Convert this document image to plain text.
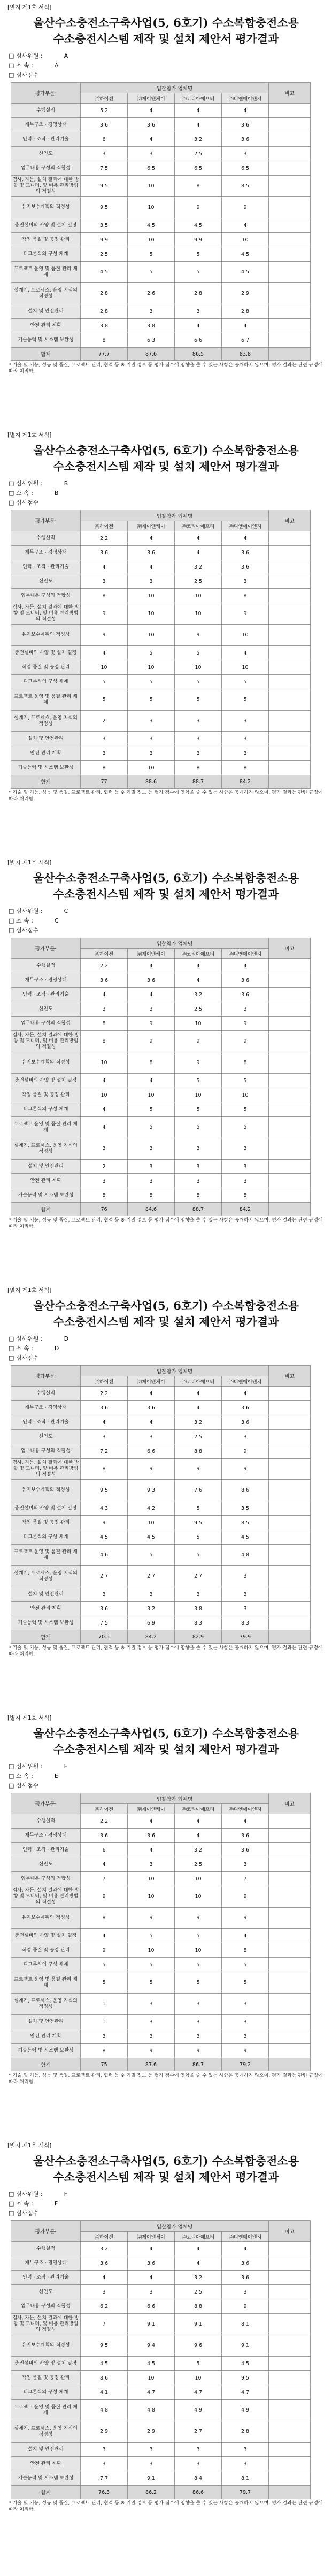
[별지 제1호 서식]
울산수소충전소구축사업(5, 6호기) 수소복합충전소용
수소충전시스템 제작 및 설치 제안서 평가결과
□ 심사위원 :	A
□ 소 속 :	A
□ 심사점수
평가부문·	입찰참가 업체명				비고
	㈜하이젠	㈜제이앤케이	㈜코리아에프티	㈜디앤에이엔지	
수행실적	5.2	4	4	4	
재무구조 · 경영상태	3.6	3.6	4	3.6	
인력 · 조직 · 관리기술	6	4	3.2	3.6	
신인도	3	3	2.5	3	
업무내용 구성의 적합성	7.5	6.5	6.5	6.5	
검사, 자문, 설치 결과에 대한 방향 및 모니터, 및 비용 관리방법의 적절성	9.5	10	8	8.5	
유지보수계획의 적정성	9.5	10	9	9	
충전설비의 사양 및 설치 일정	3.5	4.5	4.5	4	
작업 품질 및 공정 관리	9.9	10	9.9	10	
디그론식의 구성 체계	2.5	5	5	4.5	
프로젝트 운영 및 품질 관리 체계	4.5	5	5	4.5	
설계기, 프로세스, 운영 지식의 적정성	2.8	2.6	2.8	2.9	
설치 및 안전관리	2.8	3	3	2.8	
안전 관리 계획	3.8	3.8	4	4	
기술능력 및 시스템 보완성	8	6.3	6.6	6.7	
합계	77.7	87.6	86.5	83.8	
* 기술 및 기능, 성능 및 품질, 프로젝트 관리, 협력 등 ※ 기밀 정보 등 평가 점수에 영향을 줄 수 있는 사항은 공개하지 않으며, 평가 결과는 관련 규정에 따라 처리함.
[별지 제1호 서식]
울산수소충전소구축사업(5, 6호기) 수소복합충전소용
수소충전시스템 제작 및 설치 제안서 평가결과
□ 심사위원 :	B
□ 소 속 :	B
□ 심사점수
평가부문·	입찰참가 업체명				비고
	㈜하이젠	㈜제이앤케이	㈜코리아에프티	㈜디앤에이엔지	
수행실적	2.2	4	4	4	
재무구조 · 경영상태	3.6	3.6	4	3.6	
인력 · 조직 · 관리기술	4	4	3.2	3.6	
신인도	3	3	2.5	3	
업무내용 구성의 적합성	8	10	10	8	
검사, 자문, 설치 결과에 대한 방향 및 모니터, 및 비용 관리방법의 적절성	9	10	10	9	
유지보수계획의 적정성	9	10	9	10	
충전설비의 사양 및 설치 일정	4	5	5	4	
작업 품질 및 공정 관리	10	10	10	10	
디그론식의 구성 체계	5	5	5	5	
프로젝트 운영 및 품질 관리 체계	5	5	5	5	
설계기, 프로세스, 운영 지식의 적정성	2	3	3	3	
설치 및 안전관리	3	3	3	3	
안전 관리 계획	3	3	3	3	
기술능력 및 시스템 보완성	8	10	8	8	
합계	77	88.6	88.7	84.2	
* 기술 및 기능, 성능 및 품질, 프로젝트 관리, 협력 등 ※ 기밀 정보 등 평가 점수에 영향을 줄 수 있는 사항은 공개하지 않으며, 평가 결과는 관련 규정에 따라 처리함.
[별지 제1호 서식]
울산수소충전소구축사업(5, 6호기) 수소복합충전소용
수소충전시스템 제작 및 설치 제안서 평가결과
□ 심사위원 :	C
□ 소 속 :	C
□ 심사점수
평가부문·	입찰참가 업체명				비고
	㈜하이젠	㈜제이앤케이	㈜코리아에프티	㈜디앤에이엔지	
수행실적	2.2	4	4	4	
재무구조 · 경영상태	3.6	3.6	4	3.6	
인력 · 조직 · 관리기술	4	4	3.2	3.6	
신인도	3	3	2.5	3	
업무내용 구성의 적합성	8	9	10	9	
검사, 자문, 설치 결과에 대한 방향 및 모니터, 및 비용 관리방법의 적절성	8	9	9	9	
유지보수계획의 적정성	10	8	9	8	
충전설비의 사양 및 설치 일정	4	4	5	5	
작업 품질 및 공정 관리	10	10	10	10	
디그론식의 구성 체계	4	5	5	5	
프로젝트 운영 및 품질 관리 체계	4	5	5	5	
설계기, 프로세스, 운영 지식의 적정성	3	3	3	3	
설치 및 안전관리	2	3	3	3	
안전 관리 계획	3	3	3	3	
기술능력 및 시스템 보완성	8	8	8	8	
합계	76	84.6	88.7	84.2	
* 기술 및 기능, 성능 및 품질, 프로젝트 관리, 협력 등 ※ 기밀 정보 등 평가 점수에 영향을 줄 수 있는 사항은 공개하지 않으며, 평가 결과는 관련 규정에 따라 처리함.
[별지 제1호 서식]
울산수소충전소구축사업(5, 6호기) 수소복합충전소용
수소충전시스템 제작 및 설치 제안서 평가결과
□ 심사위원 :	D
□ 소 속 :	D
□ 심사점수
평가부문·	입찰참가 업체명				비고
	㈜하이젠	㈜제이앤케이	㈜코리아에프티	㈜디앤에이엔지	
수행실적	2.2	4	4	4	
재무구조 · 경영상태	3.6	3.6	4	3.6	
인력 · 조직 · 관리기술	4	4	3.2	3.6	
신인도	3	3	2.5	3	
업무내용 구성의 적합성	7.2	6.6	8.8	9	
검사, 자문, 설치 결과에 대한 방향 및 모니터, 및 비용 관리방법의 적절성	8	9	9	9	
유지보수계획의 적정성	9.5	9.3	7.6	8.6	
충전설비의 사양 및 설치 일정	4.3	4.2	5	3.5	
작업 품질 및 공정 관리	9	10	9.5	8.5	
디그론식의 구성 체계	4.5	4.5	5	4.5	
프로젝트 운영 및 품질 관리 체계	4.6	5	5	4.8	
설계기, 프로세스, 운영 지식의 적정성	2.7	2.7	2.7	3	
설치 및 안전관리	3	3	3	3	
안전 관리 계획	3.6	3.2	3.8	3	
기술능력 및 시스템 보완성	7.5	6.9	8.3	8.3	
합계	70.5	84.2	82.9	79.9	
* 기술 및 기능, 성능 및 품질, 프로젝트 관리, 협력 등 ※ 기밀 정보 등 평가 점수에 영향을 줄 수 있는 사항은 공개하지 않으며, 평가 결과는 관련 규정에 따라 처리함.
[별지 제1호 서식]
울산수소충전소구축사업(5, 6호기) 수소복합충전소용
수소충전시스템 제작 및 설치 제안서 평가결과
□ 심사위원 :	E
□ 소 속 :	E
□ 심사점수
평가부문·	입찰참가 업체명				비고
	㈜하이젠	㈜제이앤케이	㈜코리아에프티	㈜디앤에이엔지	
수행실적	2.2	4	4	4	
재무구조 · 경영상태	3.6	3.6	4	3.6	
인력 · 조직 · 관리기술	6	4	3.2	3.6	
신인도	4	3	2.5	3	
업무내용 구성의 적합성	7	10	10	7	
검사, 자문, 설치 결과에 대한 방향 및 모니터, 및 비용 관리방법의 적절성	9	10	10	9	
유지보수계획의 적정성	8	9	9	9	
충전설비의 사양 및 설치 일정	4	5	5	4	
작업 품질 및 공정 관리	9	10	10	8	
디그론식의 구성 체계	5	5	5	5	
프로젝트 운영 및 품질 관리 체계	5	5	5	5	
설계기, 프로세스, 운영 지식의 적정성	1	3	3	3	
설치 및 안전관리	1	3	3	3	
안전 관리 계획	3	3	3	3	
기술능력 및 시스템 보완성	8	9	9	9	
합계	75	87.6	86.7	79.2	
* 기술 및 기능, 성능 및 품질, 프로젝트 관리, 협력 등 ※ 기밀 정보 등 평가 점수에 영향을 줄 수 있는 사항은 공개하지 않으며, 평가 결과는 관련 규정에 따라 처리함.
[별지 제1호 서식]
울산수소충전소구축사업(5, 6호기) 수소복합충전소용
수소충전시스템 제작 및 설치 제안서 평가결과
□ 심사위원 :	F
□ 소 속 :	F
□ 심사점수
평가부문·	입찰참가 업체명				비고
	㈜하이젠	㈜제이앤케이	㈜코리아에프티	㈜디앤에이엔지	
수행실적	3.2	4	4	4	
재무구조 · 경영상태	3.6	3.6	4	3.6	
인력 · 조직 · 관리기술	4	4	3.2	3.6	
신인도	3	3	2.5	3	
업무내용 구성의 적합성	6.2	6.6	8.8	9	
검사, 자문, 설치 결과에 대한 방향 및 모니터, 및 비용 관리방법의 적절성	7	9.1	9.1	8.1	
유지보수계획의 적정성	9.5	9.4	9.6	9.1	
충전설비의 사양 및 설치 일정	4.5	4.5	5	4.5	
작업 품질 및 공정 관리	8.6	10	10	9.5	
디그론식의 구성 체계	4.1	4.7	4.7	4.7	
프로젝트 운영 및 품질 관리 체계	4.8	4.8	4.9	4.9	
설계기, 프로세스, 운영 지식의 적정성	2.9	2.9	2.7	2.8	
설치 및 안전관리	3	3	3	3	
안전 관리 계획	3	3	3	3	
기술능력 및 시스템 보완성	7.7	9.1	8.4	8.1	
합계	76.3	86.2	86.6	79.7	
* 기술 및 기능, 성능 및 품질, 프로젝트 관리, 협력 등 ※ 기밀 정보 등 평가 점수에 영향을 줄 수 있는 사항은 공개하지 않으며, 평가 결과는 관련 규정에 따라 처리함.
